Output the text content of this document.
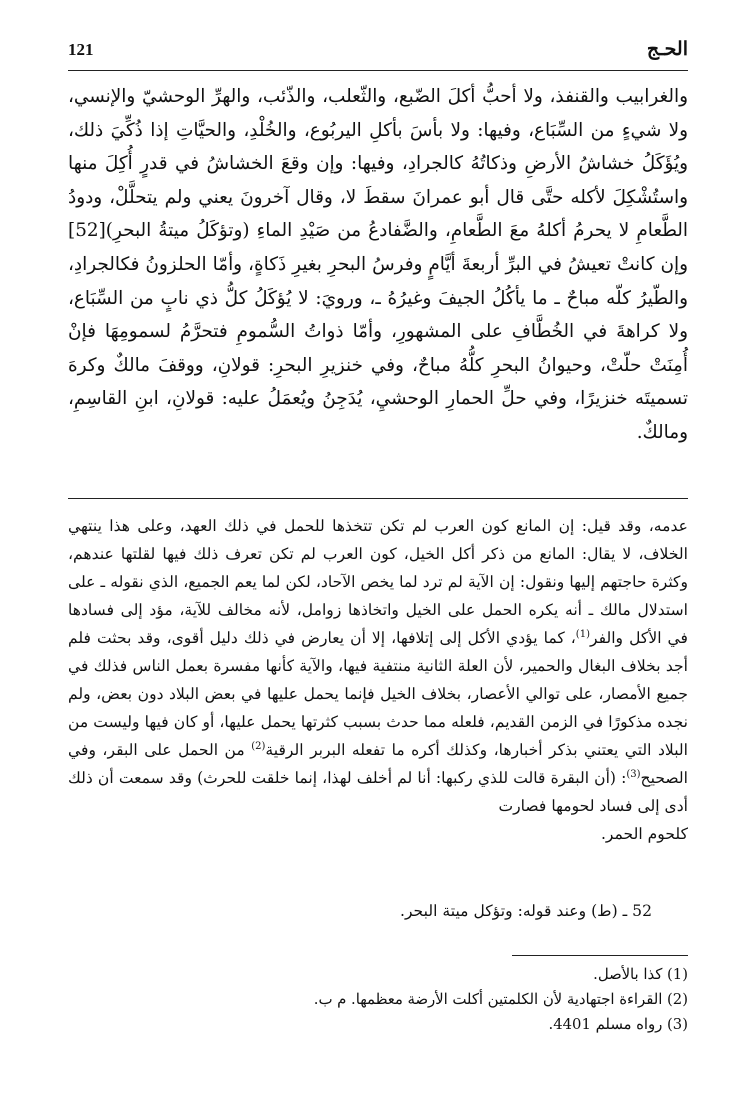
121	الحـج
والغرابيب والقنفذ، ولا أحبُّ أكلَ الضّبع، والثّعلب، والذّئب، والهرِّ الوحشيّ والإنسي، ولا شيءٍ من السِّبَاع، وفيها: ولا بأسَ بأكلِ اليربُوع، والخُلْدِ، والحيَّاتِ إذا ذُكِّيَ ذلك، ويُؤَكَلُ خشاشُ الأرضِ وذكاتُهُ كالجرادِ، وفيها: وإن وقعَ الخشاشُ في قدرٍ أُكِلَ منها واستُشْكِلَ لأكله حتَّى قال أبو عمرانَ سقطَ لا، وقال آخرونَ يعني ولم يتحلَّلْ، ودودُ الطَّعامِ لا يحرمُ أكلهُ معَ الطَّعامِ، والضَّفادعُ من صَيْدِ الماءِ (وتؤكَلُ ميتةُ البحرِ)[52] وإن كانتْ تعيشُ في البرِّ أربعةَ أيَّامٍ وفرسُ البحرِ بغيرِ ذَكاةٍ، وأمّا الحلزونُ فكالجرادِ، والطّيرُ كلّه مباحٌ ـ ما يأكُلُ الجيفَ وغيرُهُ ـ، ورويَ: لا يُؤكَلُ كلُّ ذي نابٍ من السِّبَاع، ولا كراهةَ في الخُطَّافِ على المشهورِ، وأمّا ذواتُ السُّمومِ فتحرَّمُ لسمومِهَا فإنْ أُمِنَتْ حلّتْ، وحيوانُ البحرِ كلُّهُ مباحٌ، وفي خنزيرِ البحرِ: قولانِ، ووقفَ مالكٌ وكرهَ تسميتَه خنزيرًا، وفي حلِّ الحمارِ الوحشيِ، يُدَجِنُ ويُعمَلُ عليه: قولانِ، ابنِ القاسِمِ، ومالكٌ.
عدمه، وقد قيل: إن المانع كون العرب لم تكن تتخذها للحمل في ذلك العهد، وعلى هذا ينتهي الخلاف، لا يقال: المانع من ذكر أكل الخيل، كون العرب لم تكن تعرف ذلك فيها لقلتها عندهم، وكثرة حاجتهم إليها ونقول: إن الآية لم ترد لما يخص الآحاد، لكن لما يعم الجميع، الذي نقوله ـ على استدلال مالك ـ أنه يكره الحمل على الخيل واتخاذها زوامل، لأنه مخالف للآية، مؤد إلى فسادها في الأكل والفر$^{(1)}$، كما يؤدي الأكل إلى إتلافها، إلا أن يعارض في ذلك دليل أقوى، وقد بحثت فلم أجد بخلاف البغال والحمير، لأن العلة الثانية منتفية فيها، والآية كأنها مفسرة بعمل الناس فذلك في جميع الأمصار، على توالي الأعصار، بخلاف الخيل فإنما يحمل عليها في بعض البلاد دون بعض، ولم نجده مذكورًا في الزمن القديم، فلعله مما حدث بسبب كثرتها يحمل عليها، أو كان فيها وليست من البلاد التي يعتني بذكر أخبارها، وكذلك أكره ما تفعله البربر الرقية$^{(2)}$ من الحمل على البقر، وفي الصحيح$^{(3)}$: (أن البقرة قالت للذي ركبها: أنا لم أخلف لهذا، إنما خلقت للحرث) وقد سمعت أن ذلك أدى إلى فساد لحومها فصارت
كلحوم الحمر.
52 ـ (ط) وعند قوله: وتؤكل ميتة البحر.
(1) كذا بالأصل.
(2) القراءة اجتهادية لأن الكلمتين أكلت الأرضة معظمها. م ب.
(3) رواه مسلم 4401.
